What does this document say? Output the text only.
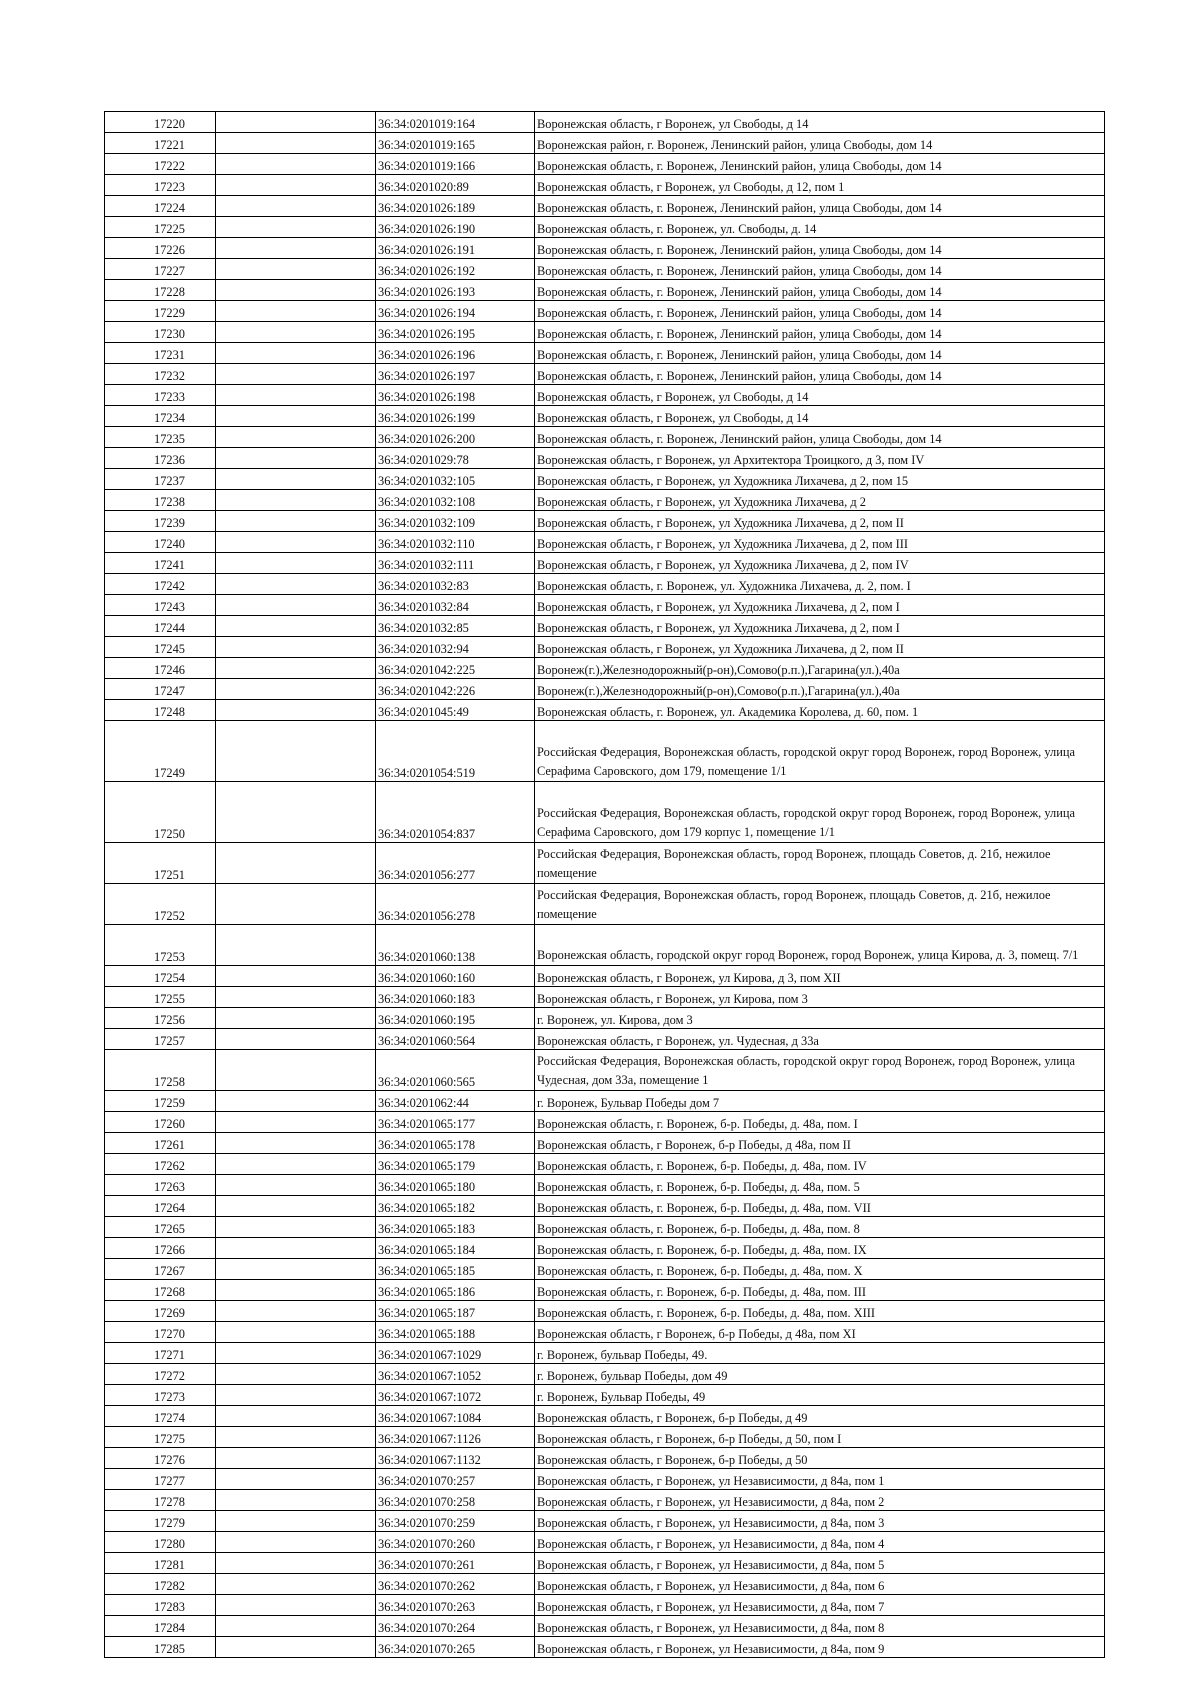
17220		36:34:0201019:164	Воронежская область, г Воронеж, ул Свободы, д 14
17221		36:34:0201019:165	Воронежская район, г. Воронеж, Ленинский район, улица Свободы, дом 14
17222		36:34:0201019:166	Воронежская область, г. Воронеж, Ленинский район, улица Свободы, дом 14
17223		36:34:0201020:89	Воронежская область, г Воронеж, ул Свободы, д 12, пом 1
17224		36:34:0201026:189	Воронежская область, г. Воронеж, Ленинский район, улица Свободы, дом 14
17225		36:34:0201026:190	Воронежская область, г. Воронеж, ул. Свободы, д. 14
17226		36:34:0201026:191	Воронежская область, г. Воронеж, Ленинский район, улица Свободы, дом 14
17227		36:34:0201026:192	Воронежская область, г. Воронеж, Ленинский район, улица Свободы, дом 14
17228		36:34:0201026:193	Воронежская область, г. Воронеж, Ленинский район, улица Свободы, дом 14
17229		36:34:0201026:194	Воронежская область, г. Воронеж, Ленинский район, улица Свободы, дом 14
17230		36:34:0201026:195	Воронежская область, г. Воронеж, Ленинский район, улица Свободы, дом 14
17231		36:34:0201026:196	Воронежская область, г. Воронеж, Ленинский район, улица Свободы, дом 14
17232		36:34:0201026:197	Воронежская область, г. Воронеж, Ленинский район, улица Свободы, дом 14
17233		36:34:0201026:198	Воронежская область, г Воронеж, ул Свободы, д 14
17234		36:34:0201026:199	Воронежская область, г Воронеж, ул Свободы, д 14
17235		36:34:0201026:200	Воронежская область, г. Воронеж, Ленинский район, улица Свободы, дом 14
17236		36:34:0201029:78	Воронежская область, г Воронеж, ул Архитектора Троицкого, д 3, пом IV
17237		36:34:0201032:105	Воронежская область, г Воронеж, ул Художника Лихачева, д 2, пом 15
17238		36:34:0201032:108	Воронежская область, г Воронеж, ул Художника Лихачева, д 2
17239		36:34:0201032:109	Воронежская область, г Воронеж, ул Художника Лихачева, д 2, пом II
17240		36:34:0201032:110	Воронежская область, г Воронеж, ул Художника Лихачева, д 2, пом III
17241		36:34:0201032:111	Воронежская область, г Воронеж, ул Художника Лихачева, д 2, пом IV
17242		36:34:0201032:83	Воронежская область, г. Воронеж, ул. Художника Лихачева, д. 2, пом. I
17243		36:34:0201032:84	Воронежская область, г Воронеж, ул Художника Лихачева, д 2, пом I
17244		36:34:0201032:85	Воронежская область, г Воронеж, ул Художника Лихачева, д 2, пом I
17245		36:34:0201032:94	Воронежская область, г Воронеж, ул Художника Лихачева, д 2, пом II
17246		36:34:0201042:225	Воронеж(г.),Железнодорожный(р-он),Сомово(р.п.),Гагарина(ул.),40а
17247		36:34:0201042:226	Воронеж(г.),Железнодорожный(р-он),Сомово(р.п.),Гагарина(ул.),40а
17248		36:34:0201045:49	Воронежская область, г. Воронеж, ул. Академика Королева, д. 60, пом. 1
17249		36:34:0201054:519	Российская Федерация, Воронежская область, городской округ город Воронеж, город Воронеж, улица Серафима Саровского, дом 179, помещение 1/1
17250		36:34:0201054:837	Российская Федерация, Воронежская область, городской округ город Воронеж, город Воронеж, улица Серафима Саровского, дом 179 корпус 1, помещение 1/1
17251		36:34:0201056:277	Российская Федерация, Воронежская область, город Воронеж, площадь Советов, д. 21б, нежилое помещение
17252		36:34:0201056:278	Российская Федерация, Воронежская область, город Воронеж, площадь Советов, д. 21б, нежилое помещение
17253		36:34:0201060:138	Воронежская область, городской округ город Воронеж, город Воронеж, улица Кирова, д. 3, помещ. 7/1
17254		36:34:0201060:160	Воронежская область, г Воронеж, ул Кирова, д 3, пом XII
17255		36:34:0201060:183	Воронежская область, г Воронеж, ул Кирова, пом 3
17256		36:34:0201060:195	г. Воронеж, ул. Кирова, дом 3
17257		36:34:0201060:564	Воронежская область, г Воронеж, ул. Чудесная, д 33а
17258		36:34:0201060:565	Российская Федерация, Воронежская область, городской округ город Воронеж, город Воронеж, улица Чудесная, дом 33а, помещение 1
17259		36:34:0201062:44	г. Воронеж, Бульвар Победы дом 7
17260		36:34:0201065:177	Воронежская область, г. Воронеж, б-р. Победы, д. 48а, пом. I
17261		36:34:0201065:178	Воронежская область, г Воронеж, б-р Победы, д 48а, пом II
17262		36:34:0201065:179	Воронежская область, г. Воронеж, б-р. Победы, д. 48а, пом. IV
17263		36:34:0201065:180	Воронежская область, г. Воронеж, б-р. Победы, д. 48а, пом. 5
17264		36:34:0201065:182	Воронежская область, г. Воронеж, б-р. Победы, д. 48а, пом. VII
17265		36:34:0201065:183	Воронежская область, г. Воронеж, б-р. Победы, д. 48а, пом. 8
17266		36:34:0201065:184	Воронежская область, г. Воронеж, б-р. Победы, д. 48а, пом. IX
17267		36:34:0201065:185	Воронежская область, г. Воронеж, б-р. Победы, д. 48а, пом. X
17268		36:34:0201065:186	Воронежская область, г. Воронеж, б-р. Победы, д. 48а, пом. III
17269		36:34:0201065:187	Воронежская область, г. Воронеж, б-р. Победы, д. 48а, пом. XIII
17270		36:34:0201065:188	Воронежская область, г Воронеж, б-р Победы, д 48а, пом XI
17271		36:34:0201067:1029	г. Воронеж, бульвар Победы, 49.
17272		36:34:0201067:1052	г. Воронеж, бульвар Победы, дом 49
17273		36:34:0201067:1072	г. Воронеж, Бульвар Победы, 49
17274		36:34:0201067:1084	Воронежская область, г Воронеж, б-р Победы, д 49
17275		36:34:0201067:1126	Воронежская область, г Воронеж, б-р Победы, д 50, пом I
17276		36:34:0201067:1132	Воронежская область, г Воронеж, б-р Победы, д 50
17277		36:34:0201070:257	Воронежская область, г Воронеж, ул Независимости, д 84а, пом 1
17278		36:34:0201070:258	Воронежская область, г Воронеж, ул Независимости, д 84а, пом 2
17279		36:34:0201070:259	Воронежская область, г Воронеж, ул Независимости, д 84а, пом 3
17280		36:34:0201070:260	Воронежская область, г Воронеж, ул Независимости, д 84а, пом 4
17281		36:34:0201070:261	Воронежская область, г Воронеж, ул Независимости, д 84а, пом 5
17282		36:34:0201070:262	Воронежская область, г Воронеж, ул Независимости, д 84а, пом 6
17283		36:34:0201070:263	Воронежская область, г Воронеж, ул Независимости, д 84а, пом 7
17284		36:34:0201070:264	Воронежская область, г Воронеж, ул Независимости, д 84а, пом 8
17285		36:34:0201070:265	Воронежская область, г Воронеж, ул Независимости, д 84а, пом 9
